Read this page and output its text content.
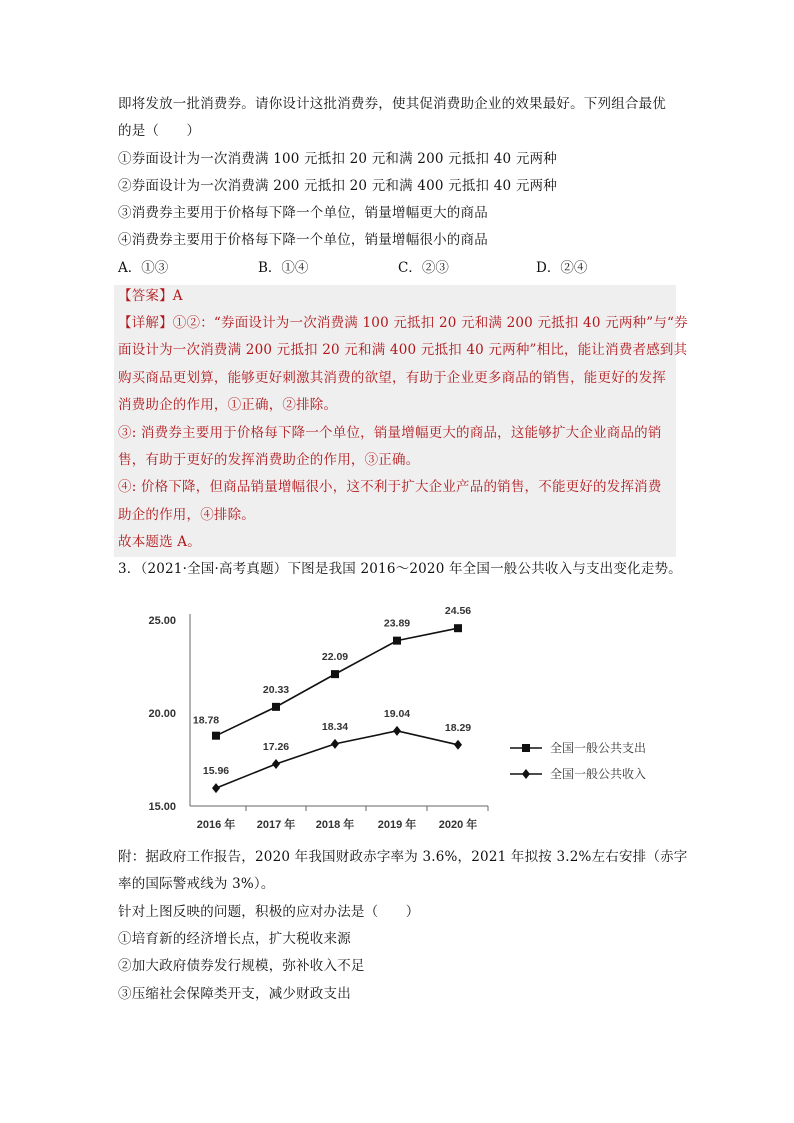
即将发放一批消费券。请你设计这批消费券，使其促消费助企业的效果最好。下列组合最优
的是（　　）
①券面设计为一次消费满 100 元抵扣 20 元和满 200 元抵扣 40 元两种
②券面设计为一次消费满 200 元抵扣 20 元和满 400 元抵扣 40 元两种
③消费券主要用于价格每下降一个单位，销量增幅更大的商品
④消费券主要用于价格每下降一个单位，销量增幅很小的商品
A．①③	B．①④	C．②③	D．②④
【答案】A
【详解】①②：“券面设计为一次消费满 100 元抵扣 20 元和满 200 元抵扣 40 元两种”与“券
面设计为一次消费满 200 元抵扣 20 元和满 400 元抵扣 40 元两种”相比，能让消费者感到其
购买商品更划算，能够更好刺激其消费的欲望，有助于企业更多商品的销售，能更好的发挥
消费助企的作用，①正确，②排除。
③: 消费券主要用于价格每下降一个单位，销量增幅更大的商品，这能够扩大企业商品的销
售，有助于更好的发挥消费助企的作用，③正确。
④: 价格下降，但商品销量增幅很小，这不利于扩大企业产品的销售，不能更好的发挥消费
助企的作用，④排除。
故本题选 A。
3．（2021·全国·高考真题）下图是我国 2016～2020 年全国一般公共收入与支出变化走势。
15.00
20.00
25.00
2016 年 2017 年 2018 年 2019 年 2020 年
18.78
20.33
22.09
23.89
24.56
15.96
17.26
18.34
19.04
18.29
全国一般公共支出
全国一般公共收入
附：据政府工作报告，2020 年我国财政赤字率为 3.6%，2021 年拟按 3.2%左右安排（赤字
率的国际警戒线为 3%）。
针对上图反映的问题，积极的应对办法是（　　）
①培育新的经济增长点，扩大税收来源
②加大政府债券发行规模，弥补收入不足
③压缩社会保障类开支，减少财政支出
